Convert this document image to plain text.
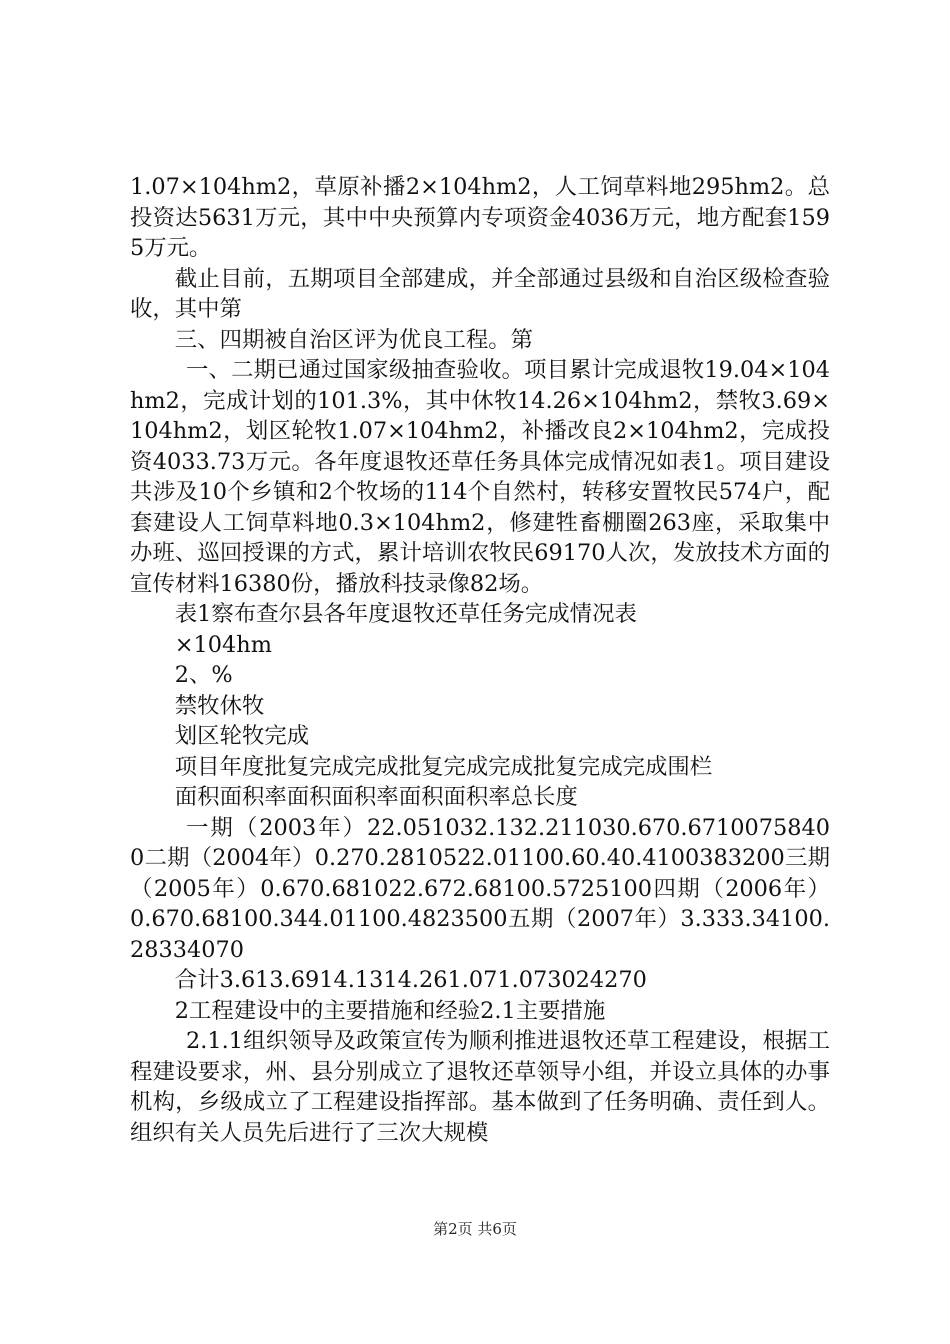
1.07×104hm2，草原补播2×104hm2，人工饲草料地295hm2。总投资达5631万元，其中中央预算内专项资金4036万元，地方配套1595万元。

截止目前，五期项目全部建成，并全部通过县级和自治区级检查验收，其中第

三、四期被自治区评为优良工程。第

一、二期已通过国家级抽查验收。项目累计完成退牧19.04×104hm2，完成计划的101.3%，其中休牧14.26×104hm2，禁牧3.69×104hm2，划区轮牧1.07×104hm2，补播改良2×104hm2，完成投资4033.73万元。各年度退牧还草任务具体完成情况如表1。项目建设共涉及10个乡镇和2个牧场的114个自然村，转移安置牧民574户，配套建设人工饲草料地0.3×104hm2，修建牲畜棚圈263座，采取集中办班、巡回授课的方式，累计培训农牧民69170人次，发放技术方面的宣传材料16380份，播放科技录像82场。

表1察布查尔县各年度退牧还草任务完成情况表

×104hm

2、%

禁牧休牧

划区轮牧完成

项目年度批复完成完成批复完成完成批复完成完成围栏

面积面积率面积面积率面积面积率总长度

一期（2003年）22.051032.132.211030.670.67100758400二期（2004年）0.270.2810522.01100.60.40.4100383200三期（2005年）0.670.681022.672.68100.5725100四期（2006年）0.670.68100.344.01100.4823500五期（2007年）3.333.34100.28334070

合计3.613.6914.1314.261.071.073024270

2工程建设中的主要措施和经验2.1主要措施

2.1.1组织领导及政策宣传为顺利推进退牧还草工程建设，根据工程建设要求，州、县分别成立了退牧还草领导小组，并设立具体的办事机构，乡级成立了工程建设指挥部。基本做到了任务明确、责任到人。组织有关人员先后进行了三次大规模

第2页 共6页
